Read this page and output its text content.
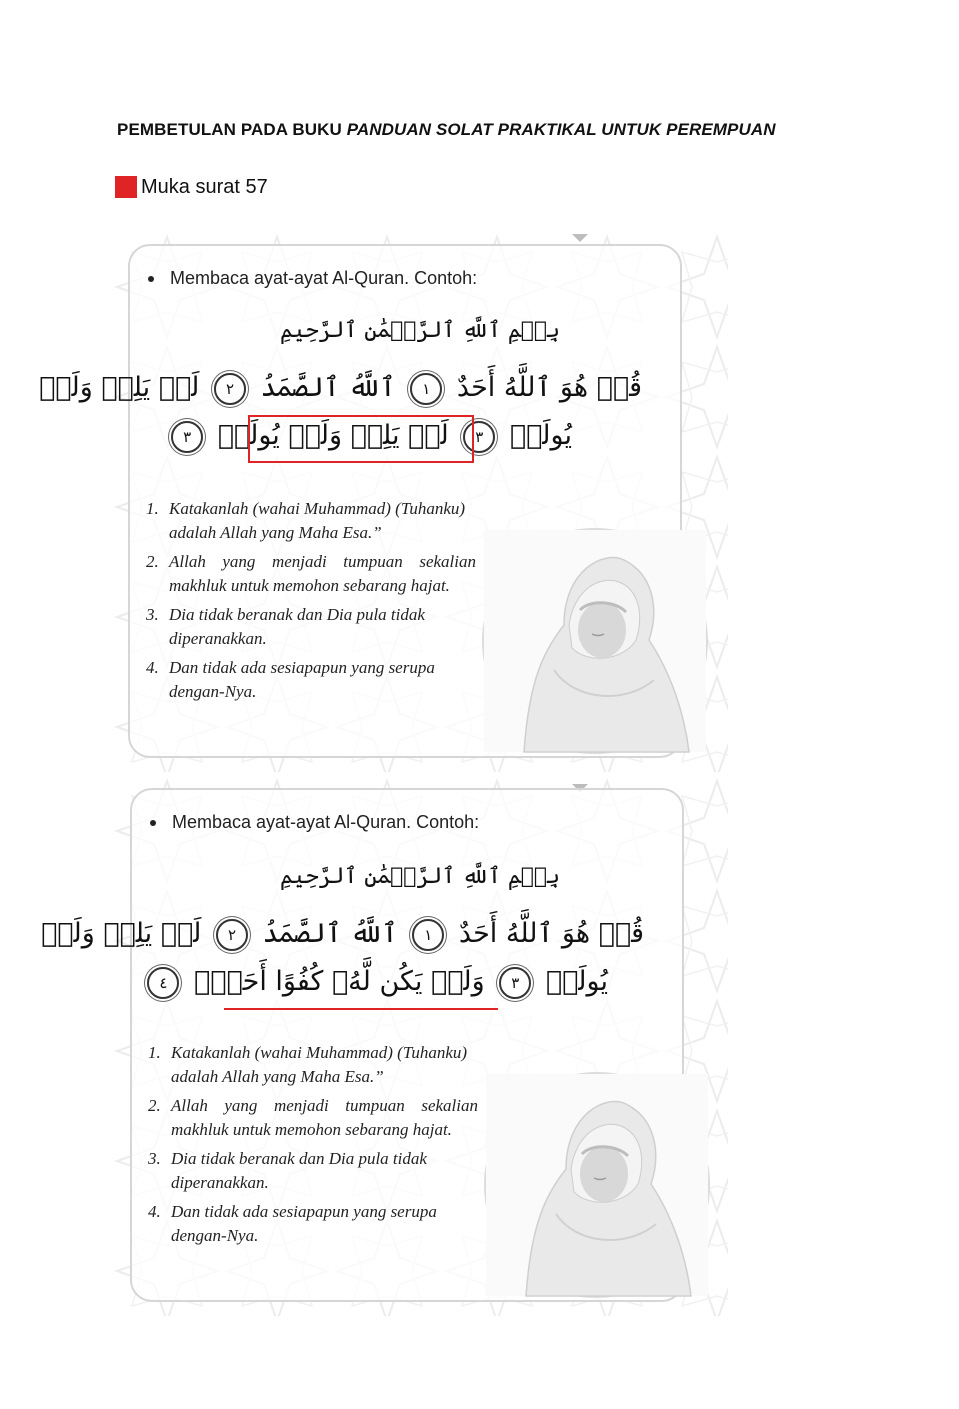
PEMBETULAN PADA BUKU PANDUAN SOLAT PRAKTIKAL UNTUK PEREMPUAN
Muka surat 57
Membaca ayat-ayat Al-Quran. Contoh:
بِسۡمِ ٱللَّهِ ٱلرَّحۡمَٰنِ ٱلرَّحِيمِ
قُلۡ هُوَ ٱللَّهُ أَحَدٌ ١ ٱللَّهُ ٱلصَّمَدُ ٢ لَمۡ يَلِدۡ وَلَمۡ
يُولَدۡ ٣ لَمۡ يَلِدۡ وَلَمۡ يُولَدۡ ٣
1. Katakanlah (wahai Muhammad) (Tuhanku) adalah Allah yang Maha Esa.”
2. Allah yang menjadi tumpuan sekalian makhluk untuk memohon sebarang hajat.
3. Dia tidak beranak dan Dia pula tidak diperanakkan.
4. Dan tidak ada sesiapapun yang serupa dengan-Nya.
Membaca ayat-ayat Al-Quran. Contoh:
بِسۡمِ ٱللَّهِ ٱلرَّحۡمَٰنِ ٱلرَّحِيمِ
قُلۡ هُوَ ٱللَّهُ أَحَدٌ ١ ٱللَّهُ ٱلصَّمَدُ ٢ لَمۡ يَلِدۡ وَلَمۡ
يُولَدۡ ٣ وَلَمۡ يَكُن لَّهُۥ كُفُوًا أَحَدٌۢ ٤
1. Katakanlah (wahai Muhammad) (Tuhanku) adalah Allah yang Maha Esa.”
2. Allah yang menjadi tumpuan sekalian makhluk untuk memohon sebarang hajat.
3. Dia tidak beranak dan Dia pula tidak diperanakkan.
4. Dan tidak ada sesiapapun yang serupa dengan-Nya.
